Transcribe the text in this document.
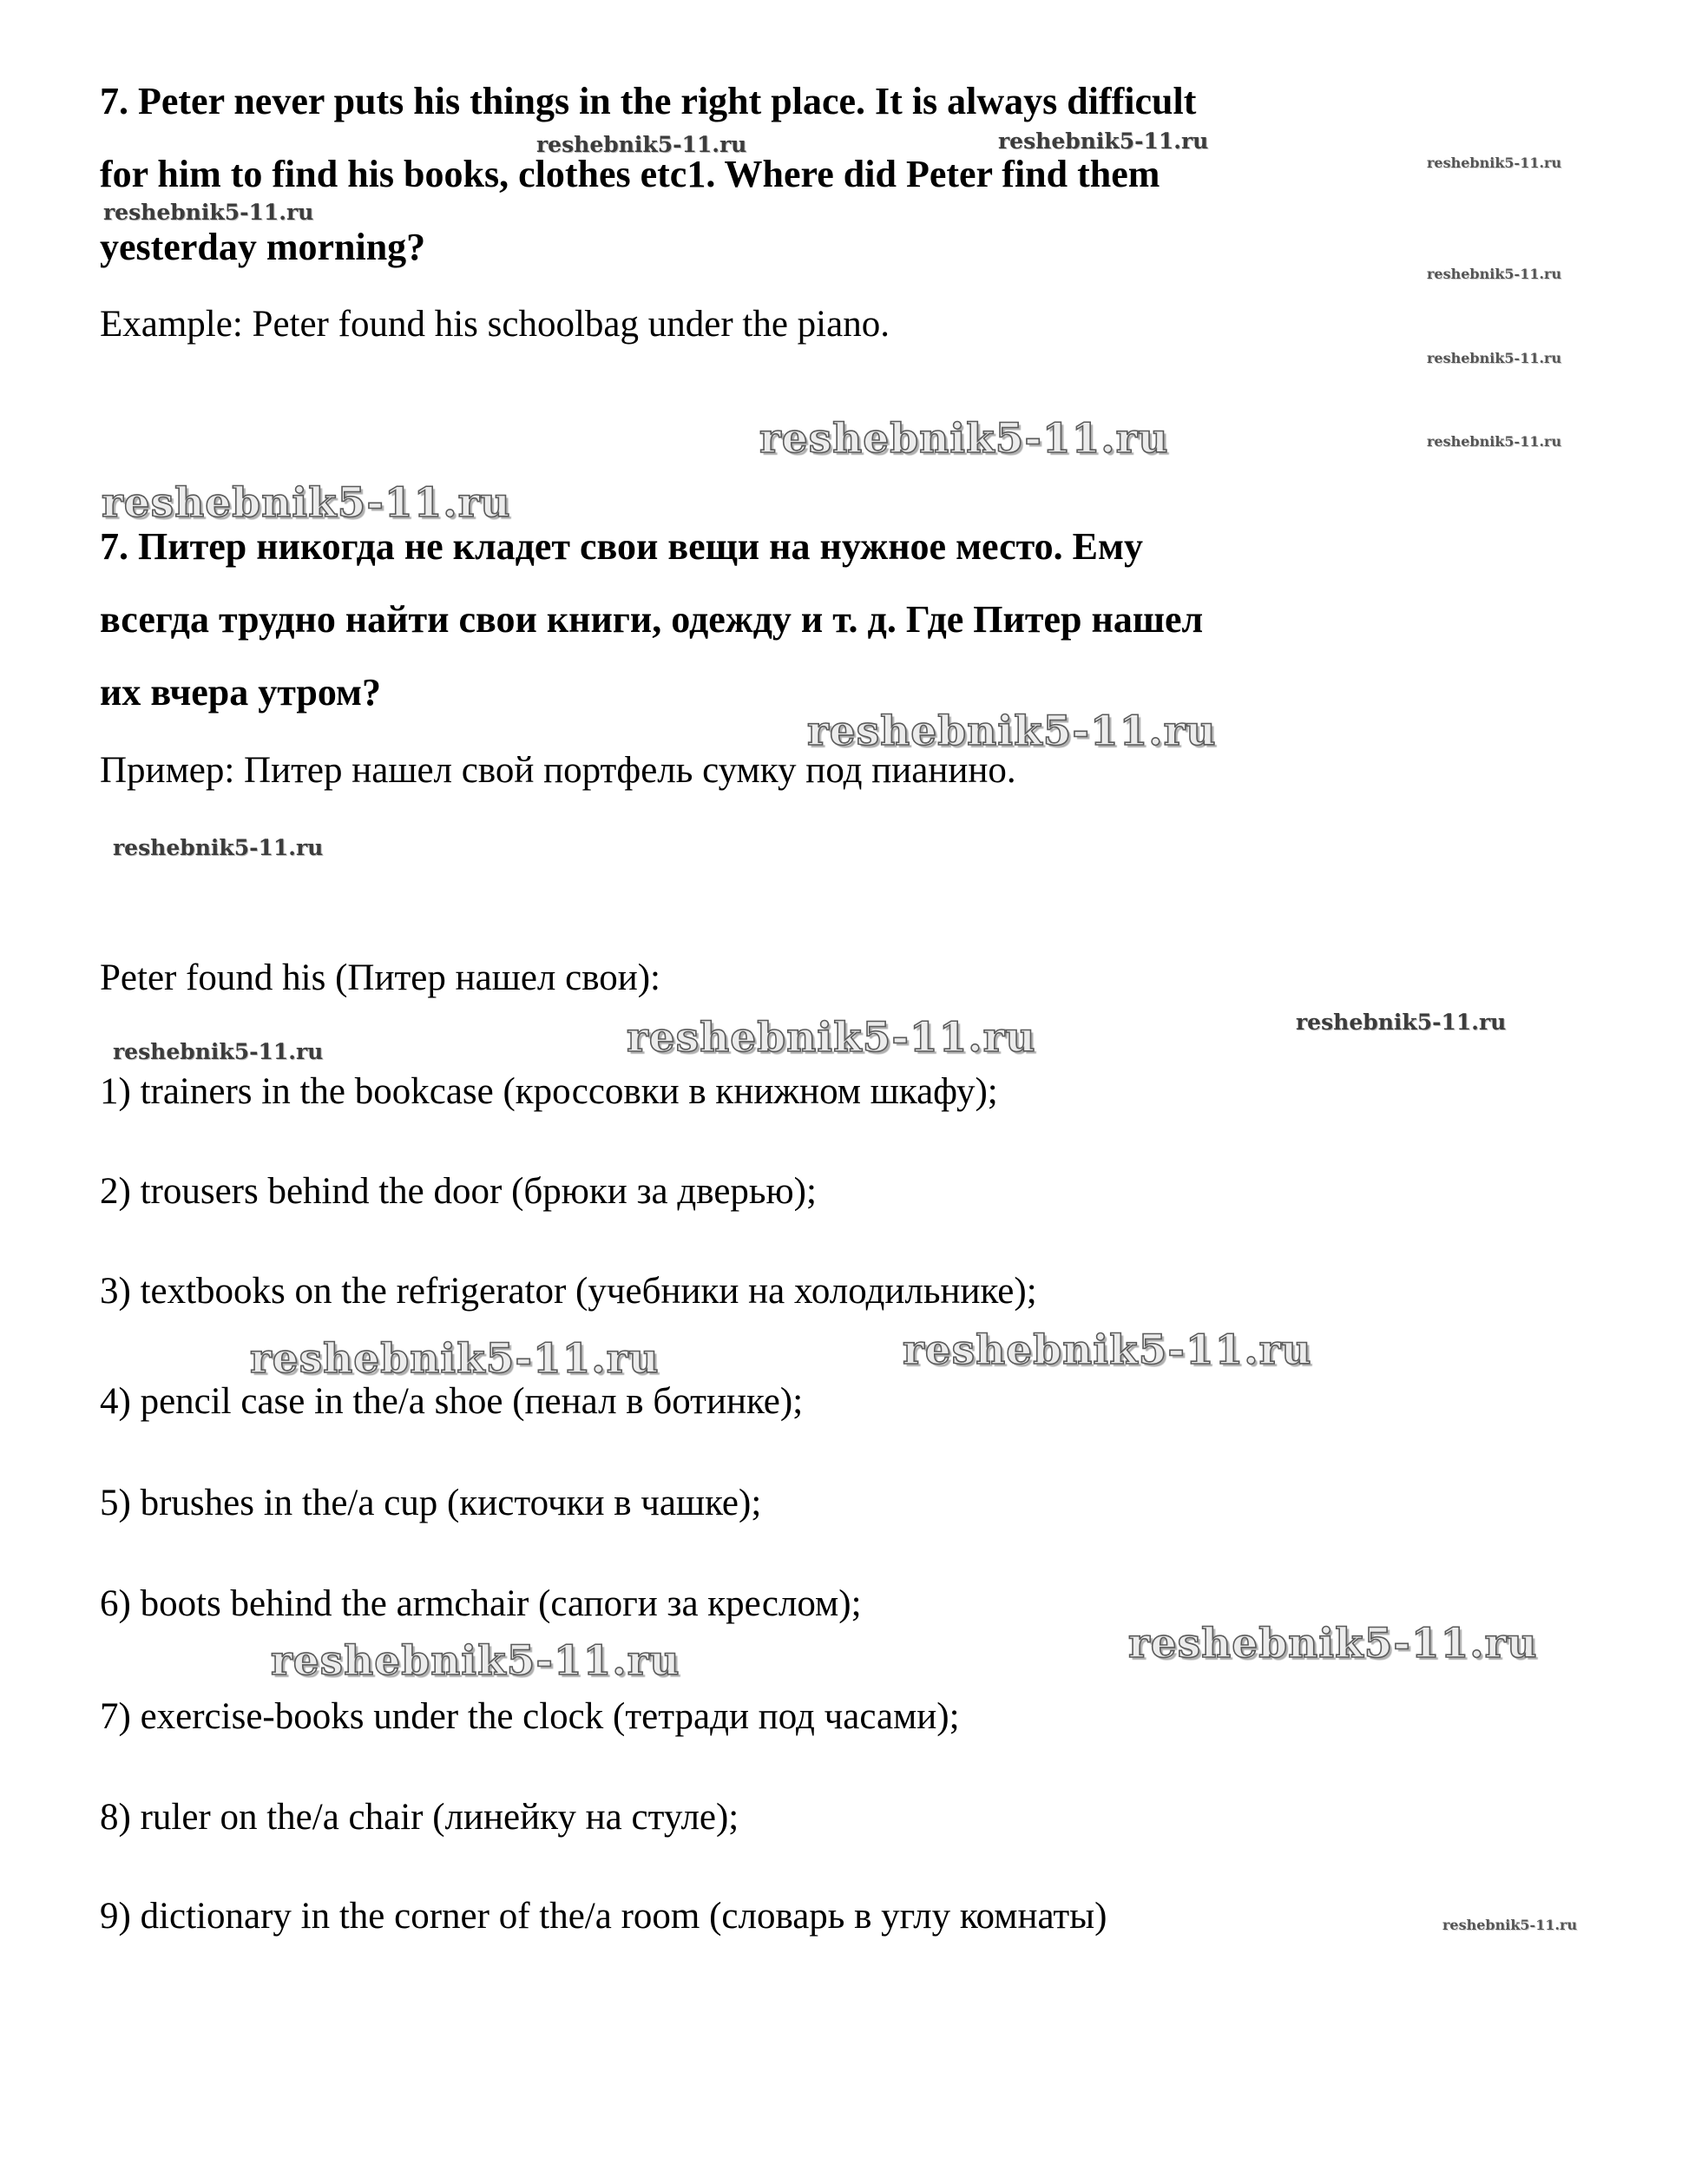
7. Peter never puts his things in the right place. It is always difficult
for him to find his books, clothes etc1. Where did Peter find them
yesterday morning?
Example: Peter found his schoolbag under the piano.
7. Питер никогда не кладет свои вещи на нужное место. Ему
всегда трудно найти свои книги, одежду и т. д. Где Питер нашел
их вчера утром?
Пример: Питер нашел свой портфель сумку под пианино.
Peter found his (Питер нашел свои):
1) trainers in the bookcase (кроссовки в книжном шкафу);
2) trousers behind the door (брюки за дверью);
3) textbooks on the refrigerator (учебники на холодильнике);
4) pencil case in the/a shoe (пенал в ботинке);
5) brushes in the/a cup (кисточки в чашке);
6) boots behind the armchair (сапоги за креслом);
7) exercise-books under the clock (тетради под часами);
8) ruler on the/a chair (линейку на стуле);
9) dictionary in the corner of the/a room (словарь в углу комнаты)
reshebnik5-11.ru	reshebnik5-11.ru
reshebnik5-11.ru
reshebnik5-11.ru
reshebnik5-11.ru
reshebnik5-11.ru
reshebnik5-11.ru	reshebnik5-11.ru
reshebnik5-11.ru
reshebnik5-11.ru
reshebnik5-11.ru
reshebnik5-11.ru
reshebnik5-11.ru
reshebnik5-11.ru
reshebnik5-11.ru	reshebnik5-11.ru
reshebnik5-11.ru
reshebnik5-11.ru
reshebnik5-11.ru
